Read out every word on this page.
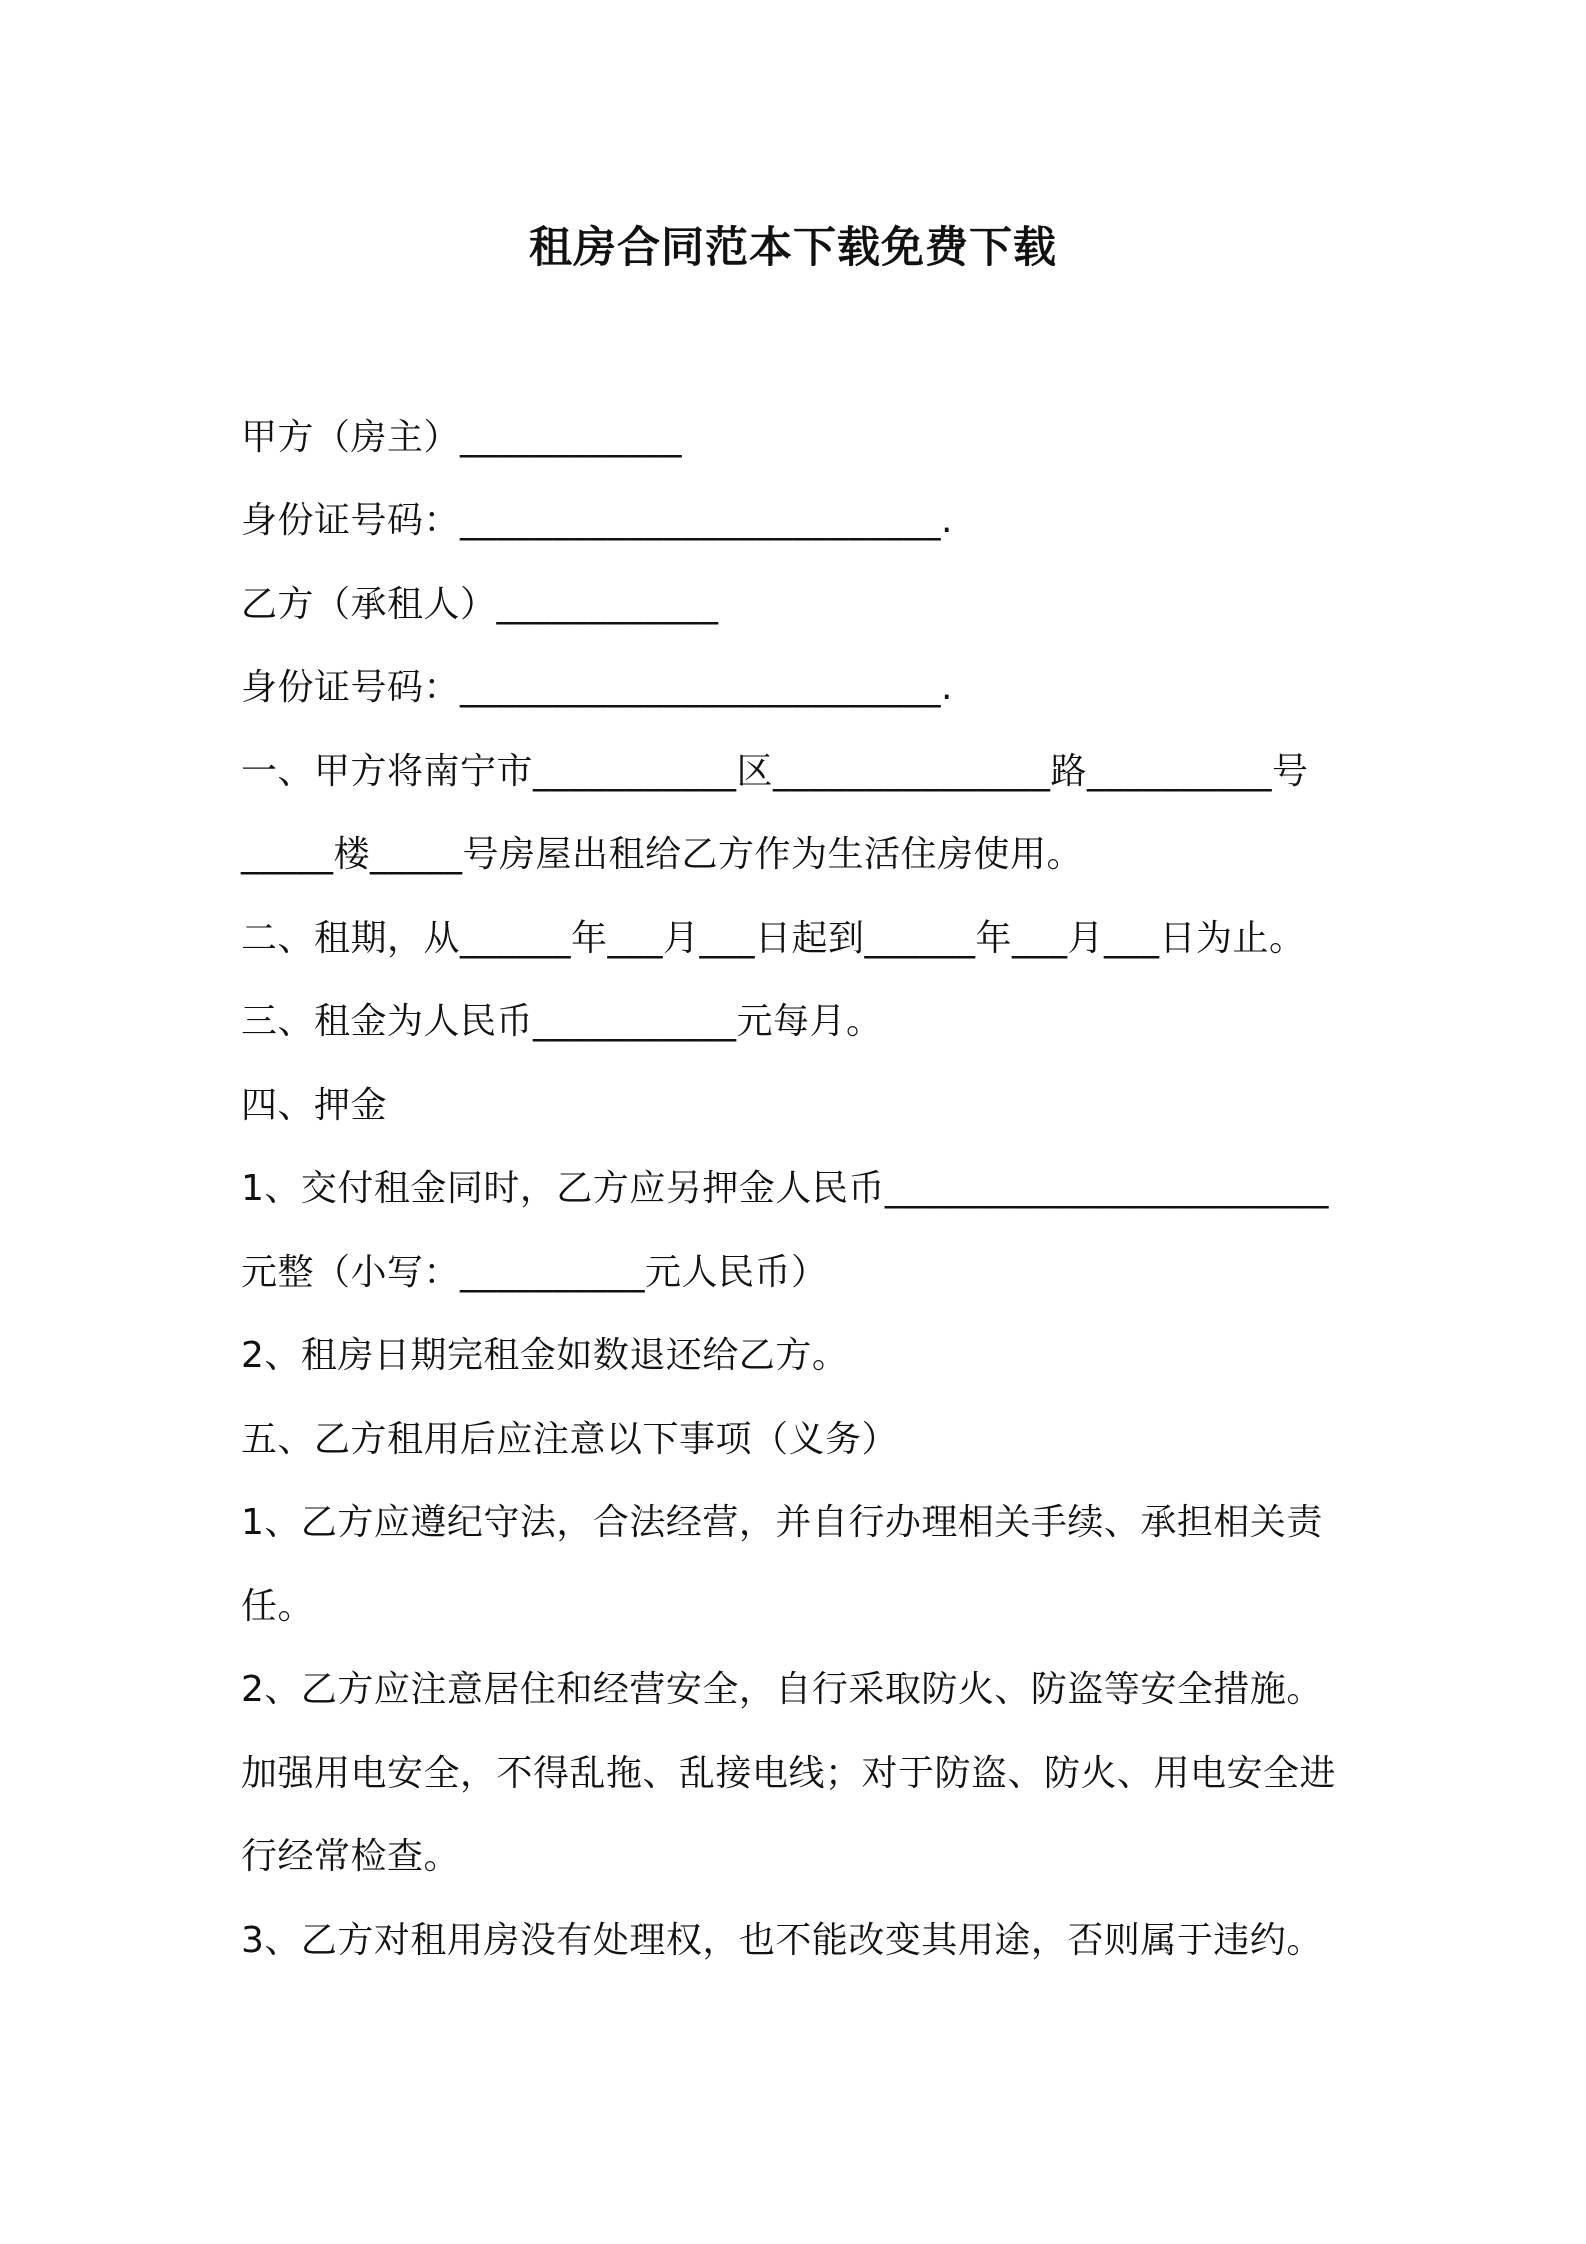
租房合同范本下载免费下载
甲方（房主）____________
身份证号码：__________________________.
乙方（承租人）____________
身份证号码：__________________________.
一、甲方将南宁市___________区_______________路__________号
_____楼_____号房屋出租给乙方作为生活住房使用。
二、租期，从______年___月___日起到______年___月___日为止。
三、租金为人民币___________元每月。
四、押金
1、交付租金同时，乙方应另押金人民币________________________
元整（小写：__________元人民币）
2、租房日期完租金如数退还给乙方。
五、乙方租用后应注意以下事项（义务）
1、乙方应遵纪守法，合法经营，并自行办理相关手续、承担相关责
任。
2、乙方应注意居住和经营安全，自行采取防火、防盗等安全措施。
加强用电安全，不得乱拖、乱接电线；对于防盗、防火、用电安全进
行经常检查。
3、乙方对租用房没有处理权，也不能改变其用途，否则属于违约。
